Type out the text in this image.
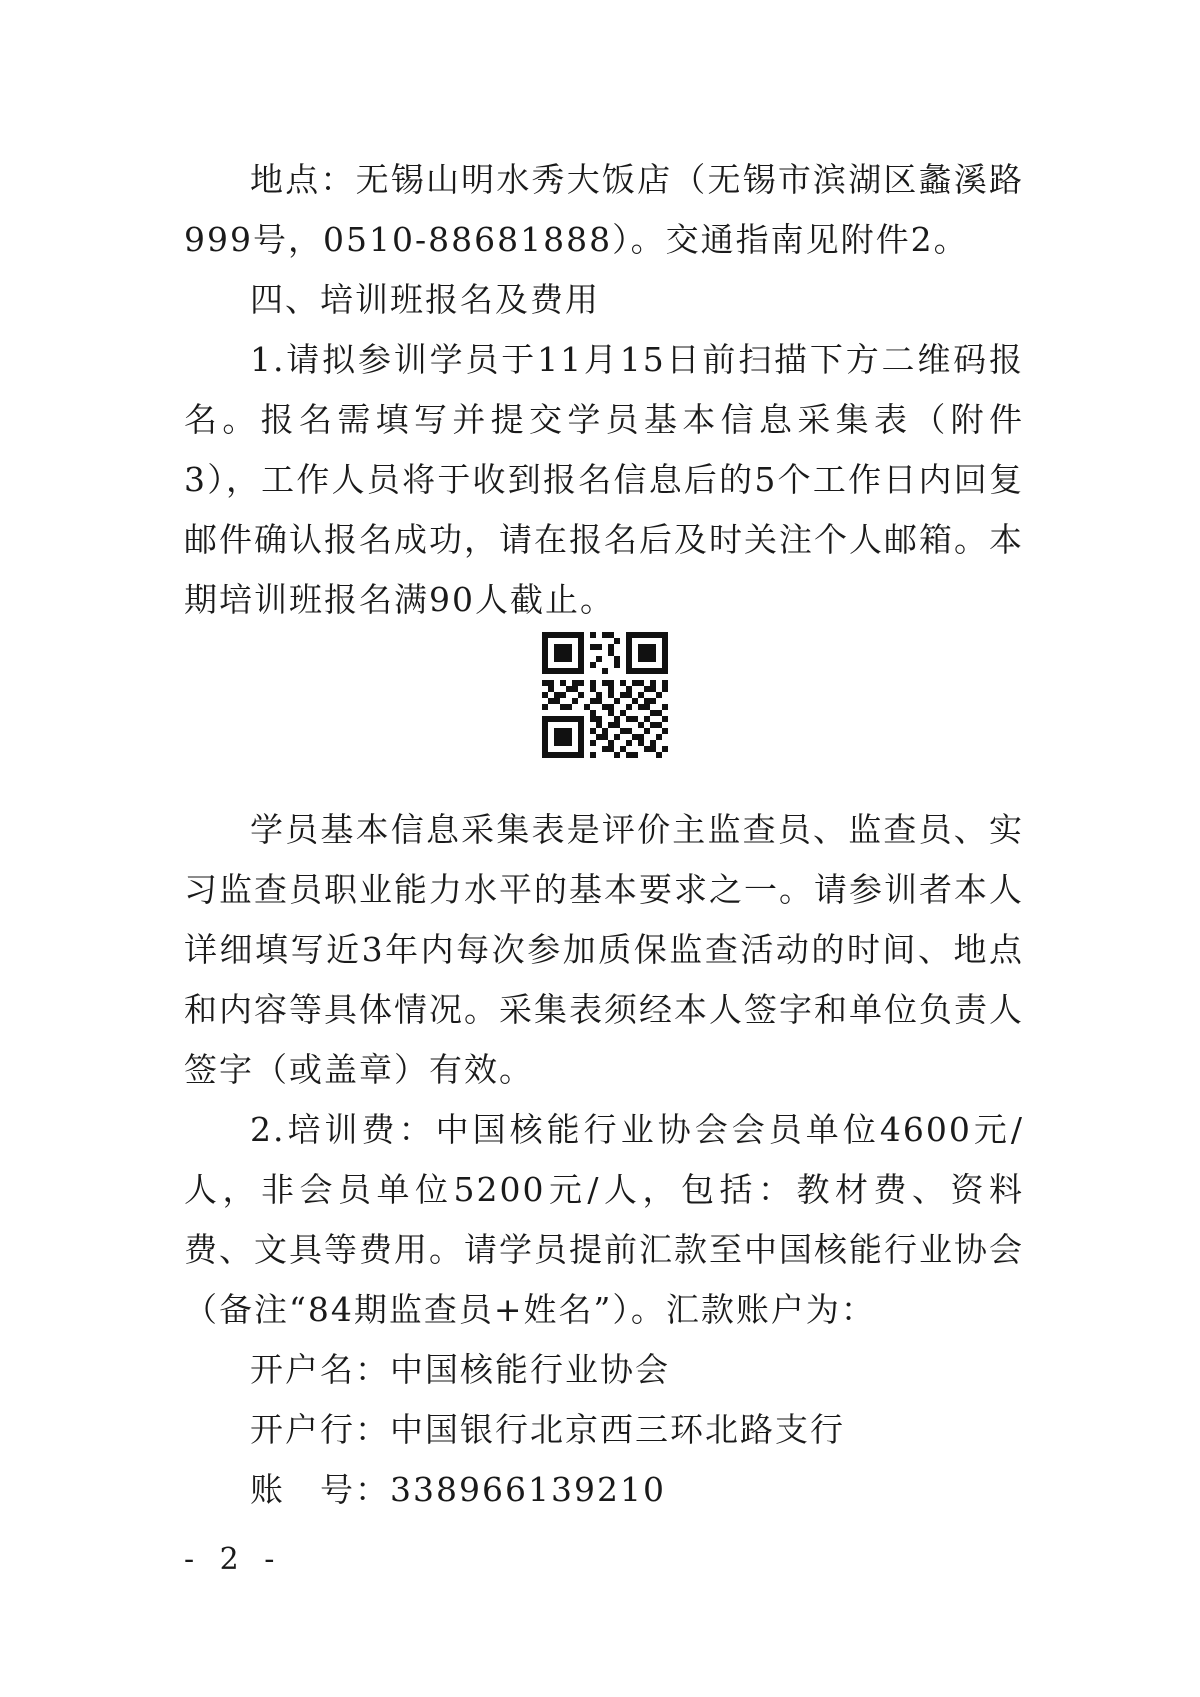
地点：无锡山明水秀大饭店（无锡市滨湖区蠡溪路999号，0510-88681888）。交通指南见附件2。

四、培训班报名及费用

1.请拟参训学员于11月15日前扫描下方二维码报名。报名需填写并提交学员基本信息采集表（附件3），工作人员将于收到报名信息后的5个工作日内回复邮件确认报名成功，请在报名后及时关注个人邮箱。本期培训班报名满90人截止。

学员基本信息采集表是评价主监查员、监查员、实习监查员职业能力水平的基本要求之一。请参训者本人详细填写近3年内每次参加质保监查活动的时间、地点和内容等具体情况。采集表须经本人签字和单位负责人签字（或盖章）有效。

2.培训费：中国核能行业协会会员单位4600元/人，非会员单位5200元/人，包括：教材费、资料费、文具等费用。请学员提前汇款至中国核能行业协会（备注“84期监查员+姓名”）。汇款账户为：

开户名：中国核能行业协会

开户行：中国银行北京西三环北路支行

账　号：338966139210

- 2 -
